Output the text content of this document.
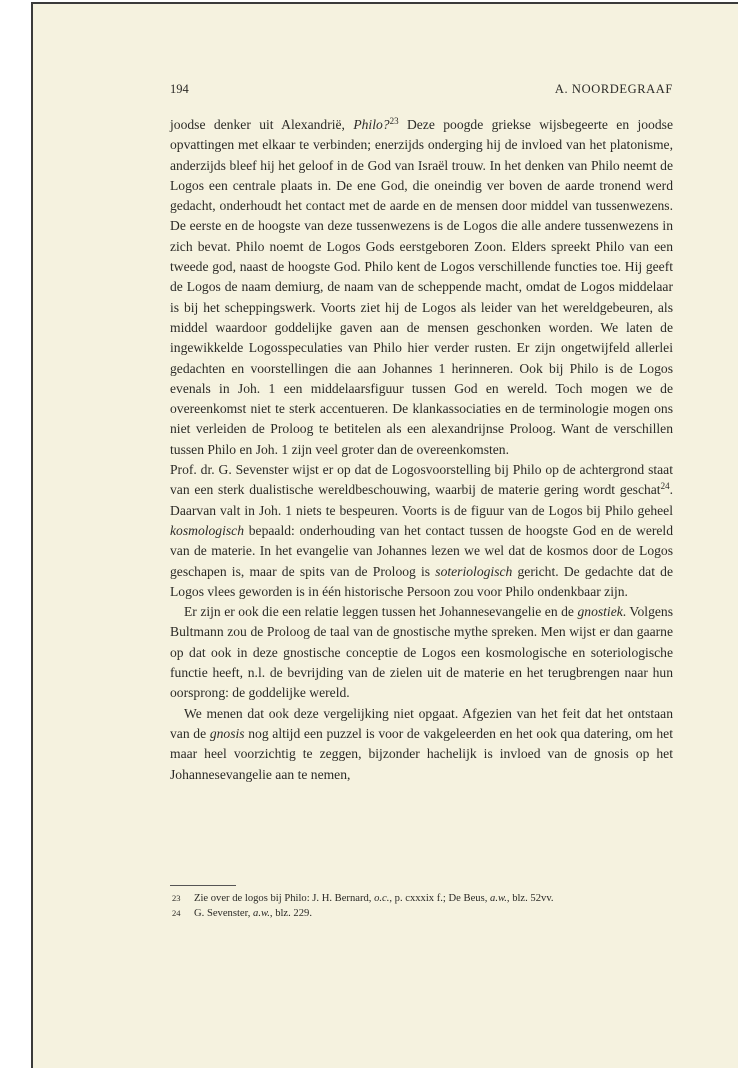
194	A. NOORDEGRAAF

joodse denker uit Alexandrië, Philo?$^{23}$ Deze poogde griekse wijsbegeerte en joodse opvattingen met elkaar te verbinden; enerzijds onderging hij de invloed van het platonisme, anderzijds bleef hij het geloof in de God van Israël trouw. In het denken van Philo neemt de Logos een centrale plaats in. De ene God, die oneindig ver boven de aarde tronend werd gedacht, onderhoudt het contact met de aarde en de mensen door middel van tussenwezens. De eerste en de hoogste van deze tussenwezens is de Logos die alle andere tussenwezens in zich bevat. Philo noemt de Logos Gods eerstgeboren Zoon. Elders spreekt Philo van een tweede god, naast de hoogste God. Philo kent de Logos verschillende functies toe. Hij geeft de Logos de naam demiurg, de naam van de scheppende macht, omdat de Logos middelaar is bij het scheppingswerk. Voorts ziet hij de Logos als leider van het wereldgebeuren, als middel waardoor goddelijke gaven aan de mensen geschonken worden. We laten de ingewikkelde Logosspeculaties van Philo hier verder rusten. Er zijn ongetwijfeld allerlei gedachten en voorstellingen die aan Johannes 1 herinneren. Ook bij Philo is de Logos evenals in Joh. 1 een middelaarsfiguur tussen God en wereld. Toch mogen we de overeenkomst niet te sterk accentueren. De klankassociaties en de terminologie mogen ons niet verleiden de Proloog te betitelen als een alexandrijnse Proloog. Want de verschillen tussen Philo en Joh. 1 zijn veel groter dan de overeenkomsten.

Prof. dr. G. Sevenster wijst er op dat de Logosvoorstelling bij Philo op de achtergrond staat van een sterk dualistische wereldbeschouwing, waarbij de materie gering wordt geschat$^{24}$. Daarvan valt in Joh. 1 niets te bespeuren. Voorts is de figuur van de Logos bij Philo geheel kosmologisch bepaald: onderhouding van het contact tussen de hoogste God en de wereld van de materie. In het evangelie van Johannes lezen we wel dat de kosmos door de Logos geschapen is, maar de spits van de Proloog is soteriologisch gericht. De gedachte dat de Logos vlees geworden is in één historische Persoon zou voor Philo ondenkbaar zijn.

Er zijn er ook die een relatie leggen tussen het Johannesevangelie en de gnostiek. Volgens Bultmann zou de Proloog de taal van de gnostische mythe spreken. Men wijst er dan gaarne op dat ook in deze gnostische conceptie de Logos een kosmologische en soteriologische functie heeft, n.l. de bevrijding van de zielen uit de materie en het terugbrengen naar hun oorsprong: de goddelijke wereld.

We menen dat ook deze vergelijking niet opgaat. Afgezien van het feit dat het ontstaan van de gnosis nog altijd een puzzel is voor de vakgeleerden en het ook qua datering, om het maar heel voorzichtig te zeggen, bijzonder hachelijk is invloed van de gnosis op het Johannesevangelie aan te nemen,

23 Zie over de logos bij Philo: J. H. Bernard, o.c., p. cxxxix f.; De Beus, a.w., blz. 52vv.
24 G. Sevenster, a.w., blz. 229.
